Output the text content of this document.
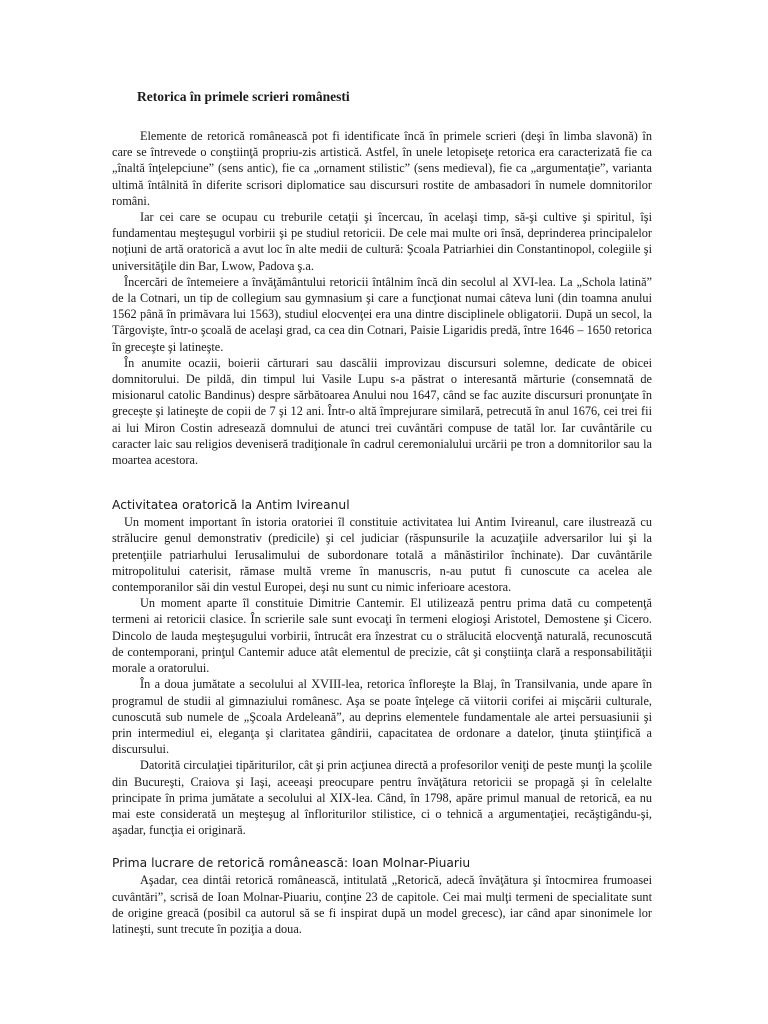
Retorica în primele scrieri românesti

Elemente de retorică românească pot fi identificate încă în primele scrieri (deşi în limba slavonă) în care se întrevede o conştiinţă propriu-zis artistică. Astfel, în unele letopiseţe retorica era caracterizată fie ca „înaltă înţelepciune” (sens antic), fie ca „ornament stilistic” (sens medieval), fie ca „argumentaţie”, varianta ultimă întâlnită în diferite scrisori diplomatice sau discursuri rostite de ambasadori în numele domnitorilor români.

Iar cei care se ocupau cu treburile cetaţii şi încercau, în acelaşi timp, să-şi cultive şi spiritul, îşi fundamentau meşteşugul vorbirii şi pe studiul retoricii. De cele mai multe ori însă, deprinderea principalelor noţiuni de artă oratorică a avut loc în alte medii de cultură: Şcoala Patriarhiei din Constantinopol, colegiile şi universităţile din Bar, Lwow, Padova ş.a.

Încercări de întemeiere a învăţământului retoricii întâlnim încă din secolul al XVI-lea. La „Schola latină” de la Cotnari, un tip de collegium sau gymnasium şi care a funcţionat numai câteva luni (din toamna anului 1562 până în primăvara lui 1563), studiul elocvenţei era una dintre disciplinele obligatorii. După un secol, la Târgovişte, într-o şcoală de acelaşi grad, ca cea din Cotnari, Paisie Ligaridis predă, între 1646 – 1650 retorica în greceşte şi latineşte.

În anumite ocazii, boierii cărturari sau dascălii improvizau discursuri solemne, dedicate de obicei domnitorului. De pildă, din timpul lui Vasile Lupu s-a păstrat o interesantă mărturie (consemnată de misionarul catolic Bandinus) despre sărbătoarea Anului nou 1647, când se fac auzite discursuri pronunţate în greceşte şi latineşte de copii de 7 şi 12 ani. Într-o altă împrejurare similară, petrecută în anul 1676, cei trei fii ai lui Miron Costin adresează domnului de atunci trei cuvântări compuse de tatăl lor. Iar cuvântările cu caracter laic sau religios deveniseră tradiţionale în cadrul ceremonialului urcării pe tron a domnitorilor sau la moartea acestora.

Activitatea oratorică la Antim Ivireanul

Un moment important în istoria oratoriei îl constituie activitatea lui Antim Ivireanul, care ilustrează cu strălucire genul demonstrativ (predicile) şi cel judiciar (răspunsurile la acuzaţiile adversarilor lui şi la pretenţiile patriarhului Ierusalimului de subordonare totală a mânăstirilor închinate). Dar cuvântările mitropolitului caterisit, rămase multă vreme în manuscris, n-au putut fi cunoscute ca acelea ale contemporanilor săi din vestul Europei, deşi nu sunt cu nimic inferioare acestora.

Un moment aparte îl constituie Dimitrie Cantemir. El utilizează pentru prima dată cu competenţă termeni ai retoricii clasice. În scrierile sale sunt evocaţi în termeni elogioşi Aristotel, Demostene şi Cicero. Dincolo de lauda meşteşugului vorbirii, întrucât era înzestrat cu o strălucită elocvenţă naturală, recunoscută de contemporani, prinţul Cantemir aduce atât elementul de precizie, cât şi conştiinţa clară a responsabilităţii morale a oratorului.

În a doua jumătate a secolului al XVIII-lea, retorica înfloreşte la Blaj, în Transilvania, unde apare în programul de studii al gimnaziului românesc. Aşa se poate înţelege că viitorii corifei ai mişcării culturale, cunoscută sub numele de „Şcoala Ardeleană”, au deprins elementele fundamentale ale artei persuasiunii şi prin intermediul ei, eleganţa şi claritatea gândirii, capacitatea de ordonare a datelor, ţinuta ştiinţifică a discursului.

Datorită circulaţiei tipăriturilor, cât şi prin acţiunea directă a profesorilor veniţi de peste munţi la şcolile din Bucureşti, Craiova şi Iaşi, aceeaşi preocupare pentru învăţătura retoricii se propagă şi în celelalte principate în prima jumătate a secolului al XIX-lea. Când, în 1798, apăre primul manual de retorică, ea nu mai este considerată un meşteşug al înfloriturilor stilistice, ci o tehnică a argumentaţiei, recăştigându-şi, aşadar, funcţia ei originară.

Prima lucrare de retorică românească: Ioan Molnar-Piuariu

Aşadar, cea dintâi retorică românească, intitulată „Retorică, adecă învăţătura şi întocmirea frumoasei cuvântări”, scrisă de Ioan Molnar-Piuariu, conţine 23 de capitole. Cei mai mulţi termeni de specialitate sunt de origine greacă (posibil ca autorul să se fi inspirat după un model grecesc), iar când apar sinonimele lor latineşti, sunt trecute în poziţia a doua.
